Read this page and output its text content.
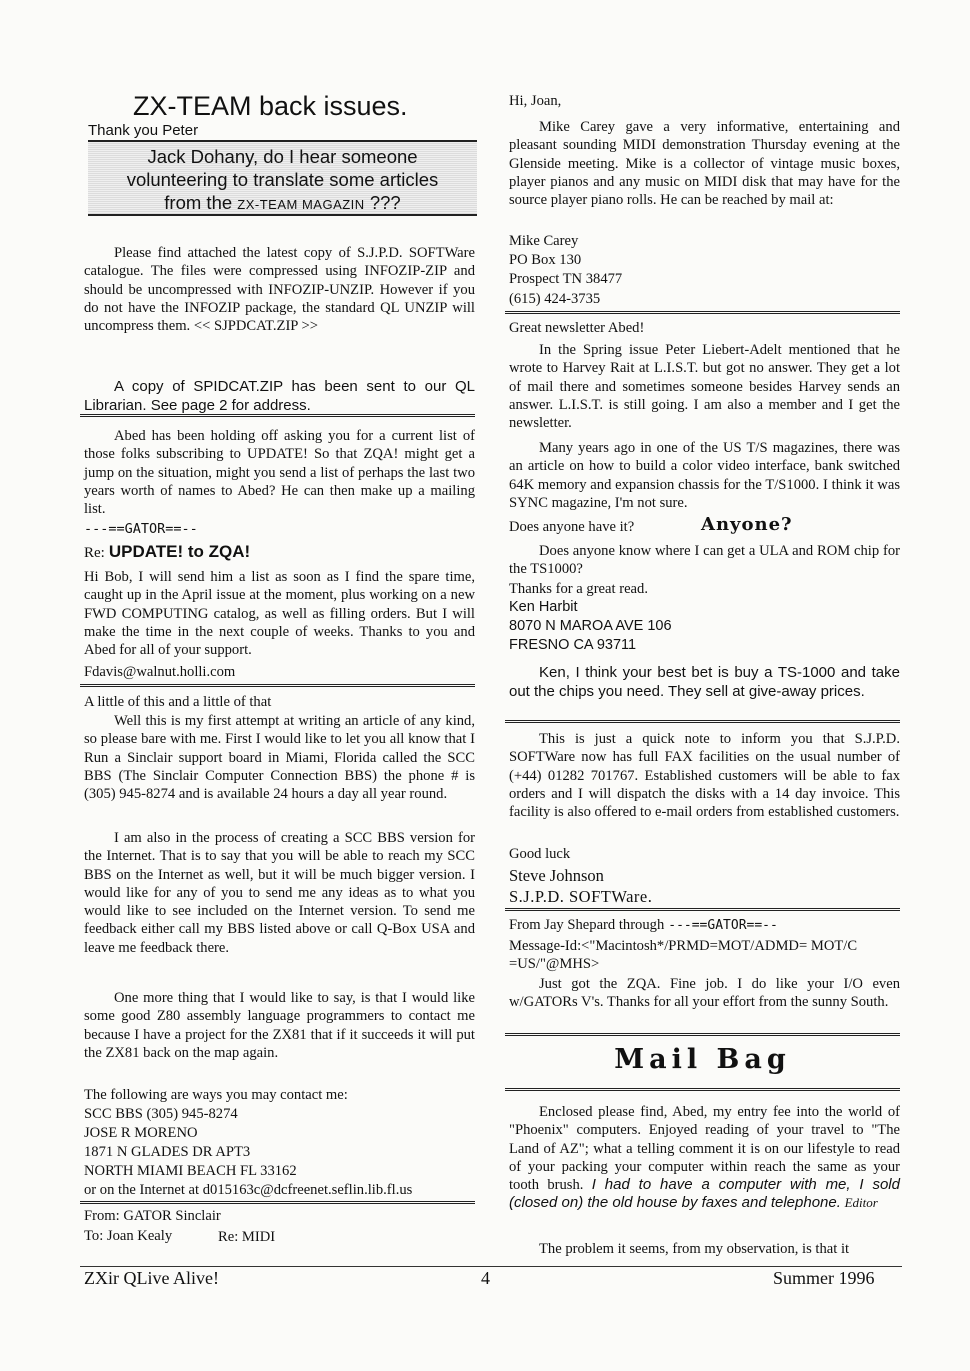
ZX-TEAM back issues.
Thank you Peter
Jack Dohany, do I hear someone
volunteering to translate some articles
from the ZX-TEAM MAGAZIN ???

Please find attached the latest copy of S.J.P.D. SOFTWare catalogue. The files were compressed using INFOZIP-ZIP and should be uncompressed with INFOZIP-UNZIP. However if you do not have the INFOZIP package, the standard QL UNZIP will uncompress them. << SJPDCAT.ZIP >>

A copy of SPIDCAT.ZIP has been sent to our QL Librarian. See page 2 for address.

Abed has been holding off asking you for a current list of those folks subscribing to UPDATE! So that ZQA! might get a jump on the situation, might you send a list of perhaps the last two years worth of names to Abed? He can then make up a mailing list.

---==GATOR==--
Re: UPDATE! to ZQA!

Hi Bob, I will send him a list as soon as I find the spare time, caught up in the April issue at the moment, plus working on a new FWD COMPUTING catalog, as well as filling orders. But I will make the time in the next couple of weeks. Thanks to you and Abed for all of your support.

Fdavis@walnut.holli.com
A little of this and a little of that

Well this is my first attempt at writing an article of any kind, so please bare with me. First I would like to let you all know that I Run a Sinclair support board in Miami, Florida called the SCC BBS (The Sinclair Computer Connection BBS) the phone # is (305) 945-8274 and is available 24 hours a day all year round.

I am also in the process of creating a SCC BBS version for the Internet. That is to say that you will be able to reach my SCC BBS on the Internet as well, but it will be much bigger version. I would like for any of you to send me any ideas as to what you would like to see included on the Internet version. To send me feedback either call my BBS listed above or call Q-Box USA and leave me feedback there.

One more thing that I would like to say, is that I would like some good Z80 assembly language programmers to contact me because I have a project for the ZX81 that if it succeeds it will put the ZX81 back on the map again.

The following are ways you may contact me:
SCC BBS (305) 945-8274
JOSE R MORENO
1871 N GLADES DR APT3
NORTH MIAMI BEACH FL 33162
or on the Internet at d015163c@dcfreenet.seflin.lib.fl.us
From: GATOR Sinclair
To: Joan Kealy	Re: MIDI
Hi, Joan,

Mike Carey gave a very informative, entertaining and pleasant sounding MIDI demonstration Thursday evening at the Glenside meeting. Mike is a collector of vintage music boxes, player pianos and any music on MIDI disk that may have for the source player piano rolls. He can be reached by mail at:

Mike Carey
PO Box 130
Prospect TN 38477
(615) 424-3735
Great newsletter Abed!

In the Spring issue Peter Liebert-Adelt mentioned that he wrote to Harvey Rait at L.I.S.T. but got no answer. They get a lot of mail there and sometimes someone besides Harvey sends an answer. L.I.S.T. is still going. I am also a member and I get the newsletter.

Many years ago in one of the US T/S magazines, there was an article on how to build a color video interface, bank switched 64K memory and expansion chassis for the T/S1000. I think it was SYNC magazine, I'm not sure.

Does anyone have it?	Anyone?

Does anyone know where I can get a ULA and ROM chip for the TS1000?

Thanks for a great read.
Ken Harbit
8070 N MAROA AVE 106
FRESNO CA 93711

Ken, I think your best bet is buy a TS-1000 and take out the chips you need. They sell at give-away prices.

This is just a quick note to inform you that S.J.P.D. SOFTWare now has full FAX facilities on the usual number of (+44) 01282 701767. Established customers will be able to fax orders and I will dispatch the disks with a 14 day invoice. This facility is also offered to e-mail orders from established customers.

Good luck
Steve Johnson
S.J.P.D. SOFTWare.
From Jay Shepard through ---==GATOR==--

Message-Id:<"Macintosh*/PRMD=MOT/ADMD= MOT/C =US/"@MHS>

Just got the ZQA. Fine job. I do like your I/O even w/GATORs V's. Thanks for all your effort from the sunny South.

Mail Bag
Enclosed please find, Abed, my entry fee into the world of "Phoenix" computers. Enjoyed reading of your travel to "The Land of AZ"; what a telling comment it is on our lifestyle to read of your packing your computer within reach the same as your tooth brush. I had to have a computer with me, I sold (closed on) the old house by faxes and telephone. Editor

The problem it seems, from my observation, is that it

ZXir QLive Alive!	4	Summer 1996
